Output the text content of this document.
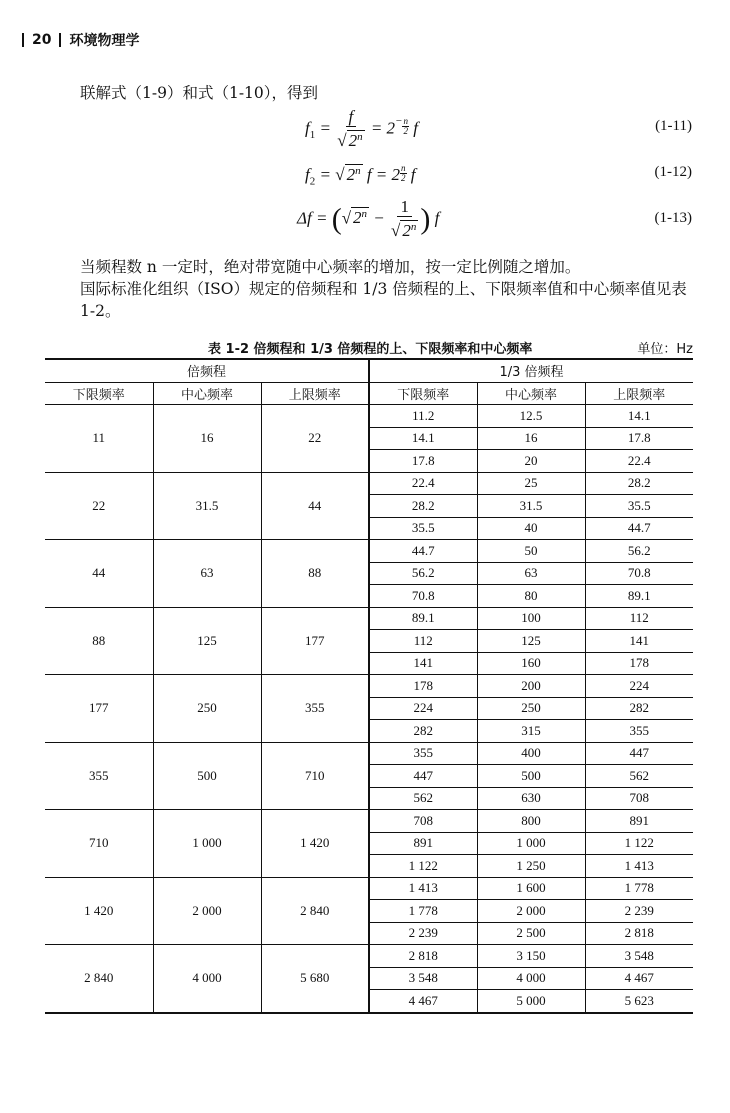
20 环境物理学
联解式（1-9）和式（1-10），得到
$f_1 = \frac{f}{√ 2^n} = 2^{- \frac{n}{2}}$ f	(1-11)
$f_2$ = √ 2$^n$ f = 2 $^{\frac{n}{2}}$ f	(1-12)
Δf = (√ $2^n - \frac{1}{√ 2^n}$ ) f	(1-13)
当频程数 n 一定时，绝对带宽随中心频率的增加，按一定比例随之增加。
国际标准化组织（ISO）规定的倍频程和 1/3 倍频程的上、下限频率值和中心频率值见表 1-2。
表 1-2 倍频程和 1/3 倍频程的上、下限频率和中心频率	单位：Hz
倍频程			1/3 倍频程		
下限频率	中心频率	上限频率	下限频率	中心频率	上限频率
11	16	22	11.2	12.5	14.1
			14.1	16	17.8
			17.8	20	22.4
22	31.5	44	22.4	25	28.2
			28.2	31.5	35.5
			35.5	40	44.7
44	63	88	44.7	50	56.2
			56.2	63	70.8
			70.8	80	89.1
88	125	177	89.1	100	112
			112	125	141
			141	160	178
177	250	355	178	200	224
			224	250	282
			282	315	355
355	500	710	355	400	447
			447	500	562
			562	630	708
710	1 000	1 420	708	800	891
			891	1 000	1 122
			1 122	1 250	1 413
1 420	2 000	2 840	1 413	1 600	1 778
			1 778	2 000	2 239
			2 239	2 500	2 818
2 840	4 000	5 680	2 818	3 150	3 548
			3 548	4 000	4 467
			4 467	5 000	5 623
